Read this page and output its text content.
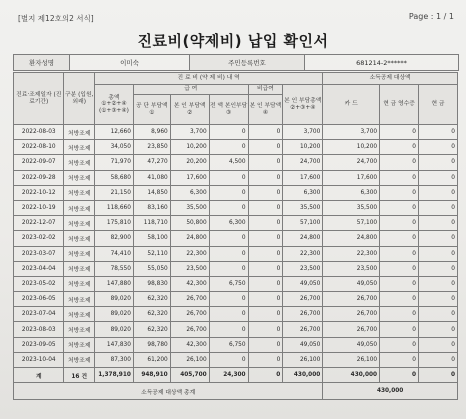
[별지 제12호의2 서식]	Page : 1 / 1
진료비(약제비) 납입 확인서
환자성명	이미숙	주민등록번호	681214-2******
진료·조제일자 (진료기간)	구분 (입원, 외래)	진 료 비 (약 제 비) 내 역						소득공제 대상액		
		총액 ①+②+④ (①+③+④)	급 여			비급여	본 인 부담총액 ②+③+④	카 드	현 금 영수증	현 금
			공 단 부담액 ①	본 인 부담액 ②	전 액 본인부담 ③	본 인 부담액 ④				

2022-08-03	처방조제	12,660	8,960	3,700	0	0	3,700	3,700	0	0
2022-08-10	처방조제	34,050	23,850	10,200	0	0	10,200	10,200	0	0
2022-09-07	처방조제	71,970	47,270	20,200	4,500	0	24,700	24,700	0	0
2022-09-28	처방조제	58,680	41,080	17,600	0	0	17,600	17,600	0	0
2022-10-12	처방조제	21,150	14,850	6,300	0	0	6,300	6,300	0	0
2022-10-19	처방조제	118,660	83,160	35,500	0	0	35,500	35,500	0	0
2022-12-07	처방조제	175,810	118,710	50,800	6,300	0	57,100	57,100	0	0
2023-02-02	처방조제	82,900	58,100	24,800	0	0	24,800	24,800	0	0
2023-03-07	처방조제	74,410	52,110	22,300	0	0	22,300	22,300	0	0
2023-04-04	처방조제	78,550	55,050	23,500	0	0	23,500	23,500	0	0
2023-05-02	처방조제	147,880	98,830	42,300	6,750	0	49,050	49,050	0	0
2023-06-05	처방조제	89,020	62,320	26,700	0	0	26,700	26,700	0	0
2023-07-04	처방조제	89,020	62,320	26,700	0	0	26,700	26,700	0	0
2023-08-03	처방조제	89,020	62,320	26,700	0	0	26,700	26,700	0	0
2023-09-05	처방조제	147,830	98,780	42,300	6,750	0	49,050	49,050	0	0
2023-10-04	처방조제	87,300	61,200	26,100	0	0	26,100	26,100	0	0
계	16 건	1,378,910	948,910	405,700	24,300	0	430,000	430,000	0	0
소득공제 대상액 총계								430,000		
